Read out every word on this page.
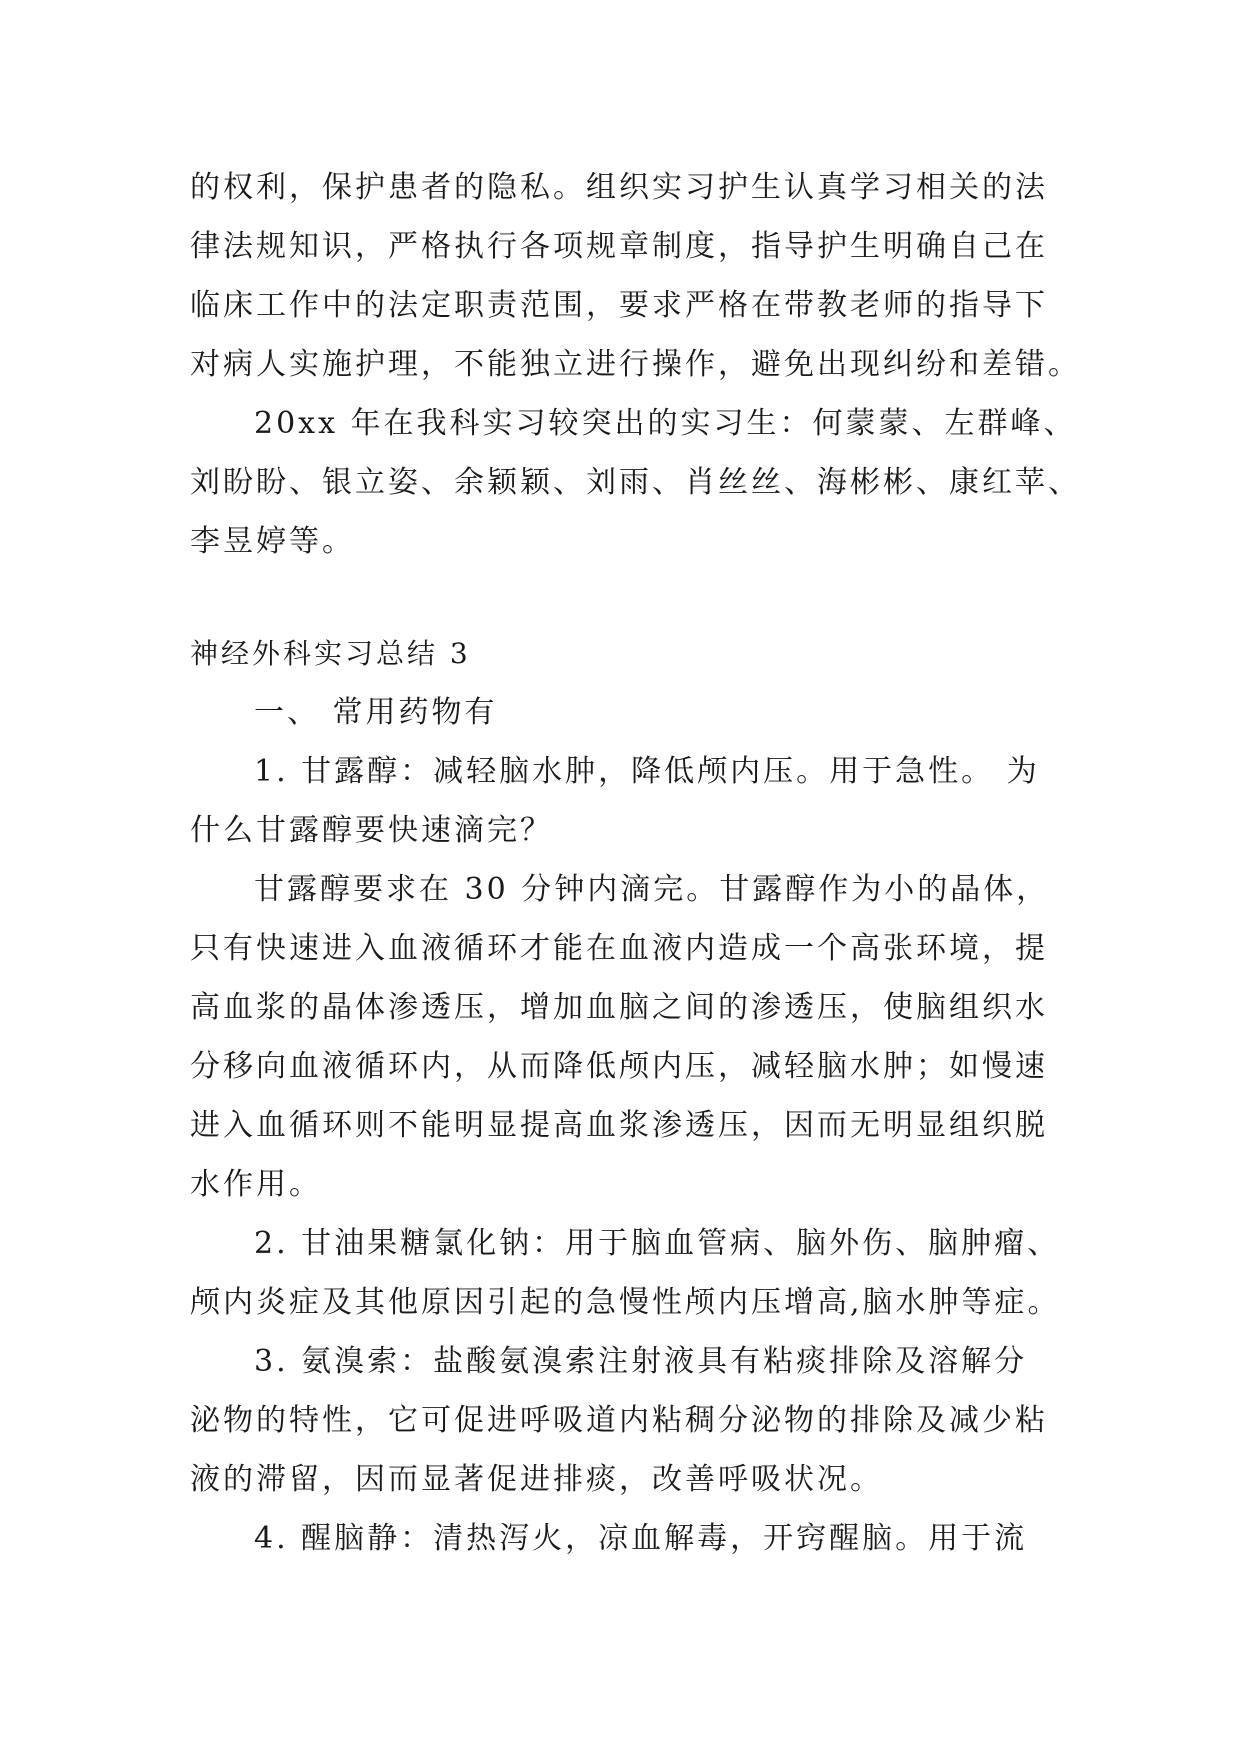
的权利，保护患者的隐私。组织实习护生认真学习相关的法
律法规知识，严格执行各项规章制度，指导护生明确自己在
临床工作中的法定职责范围，要求严格在带教老师的指导下
对病人实施护理，不能独立进行操作，避免出现纠纷和差错。
20xx 年在我科实习较突出的实习生：何蒙蒙、左群峰、
刘盼盼、银立姿、余颖颖、刘雨、肖丝丝、海彬彬、康红苹、
李昱婷等。
神经外科实习总结 3
一、 常用药物有
1. 甘露醇：减轻脑水肿，降低颅内压。用于急性。 为
什么甘露醇要快速滴完？
甘露醇要求在 30 分钟内滴完。甘露醇作为小的晶体，
只有快速进入血液循环才能在血液内造成一个高张环境，提
高血浆的晶体渗透压，增加血脑之间的渗透压，使脑组织水
分移向血液循环内，从而降低颅内压，减轻脑水肿；如慢速
进入血循环则不能明显提高血浆渗透压，因而无明显组织脱
水作用。
2. 甘油果糖氯化钠：用于脑血管病、脑外伤、脑肿瘤、
颅内炎症及其他原因引起的急慢性颅内压增高,脑水肿等症。
3. 氨溴索：盐酸氨溴索注射液具有粘痰排除及溶解分
泌物的特性，它可促进呼吸道内粘稠分泌物的排除及减少粘
液的滞留，因而显著促进排痰，改善呼吸状况。
4. 醒脑静：清热泻火，凉血解毒，开窍醒脑。用于流
